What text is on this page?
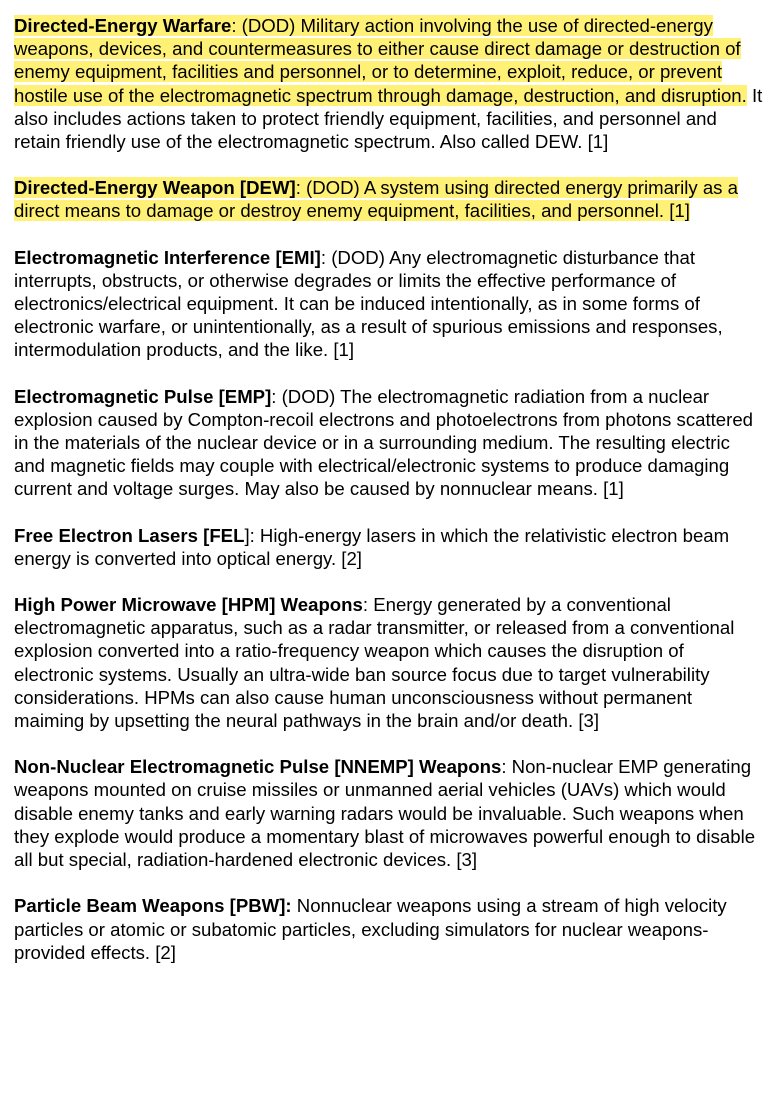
Directed-Energy Warfare: (DOD) Military action involving the use of directed-energy weapons, devices, and countermeasures to either cause direct damage or destruction of enemy equipment, facilities and personnel, or to determine, exploit, reduce, or prevent hostile use of the electromagnetic spectrum through damage, destruction, and disruption. It also includes actions taken to protect friendly equipment, facilities, and personnel and retain friendly use of the electromagnetic spectrum. Also called DEW. [1]

Directed-Energy Weapon [DEW]: (DOD) A system using directed energy primarily as a direct means to damage or destroy enemy equipment, facilities, and personnel. [1]

Electromagnetic Interference [EMI]: (DOD) Any electromagnetic disturbance that interrupts, obstructs, or otherwise degrades or limits the effective performance of electronics/electrical equipment. It can be induced intentionally, as in some forms of electronic warfare, or unintentionally, as a result of spurious emissions and responses, intermodulation products, and the like. [1]

Electromagnetic Pulse [EMP]: (DOD) The electromagnetic radiation from a nuclear explosion caused by Compton-recoil electrons and photoelectrons from photons scattered in the materials of the nuclear device or in a surrounding medium. The resulting electric and magnetic fields may couple with electrical/electronic systems to produce damaging current and voltage surges. May also be caused by nonnuclear means. [1]

Free Electron Lasers [FEL]: High-energy lasers in which the relativistic electron beam energy is converted into optical energy. [2]

High Power Microwave [HPM] Weapons: Energy generated by a conventional electromagnetic apparatus, such as a radar transmitter, or released from a conventional explosion converted into a ratio-frequency weapon which causes the disruption of electronic systems. Usually an ultra-wide ban source focus due to target vulnerability considerations. HPMs can also cause human unconsciousness without permanent maiming by upsetting the neural pathways in the brain and/or death. [3]

Non-Nuclear Electromagnetic Pulse [NNEMP] Weapons: Non-nuclear EMP generating weapons mounted on cruise missiles or unmanned aerial vehicles (UAVs) which would disable enemy tanks and early warning radars would be invaluable. Such weapons when they explode would produce a momentary blast of microwaves powerful enough to disable all but special, radiation-hardened electronic devices. [3]

Particle Beam Weapons [PBW]: Nonnuclear weapons using a stream of high velocity particles or atomic or subatomic particles, excluding simulators for nuclear weapons-provided effects. [2]
